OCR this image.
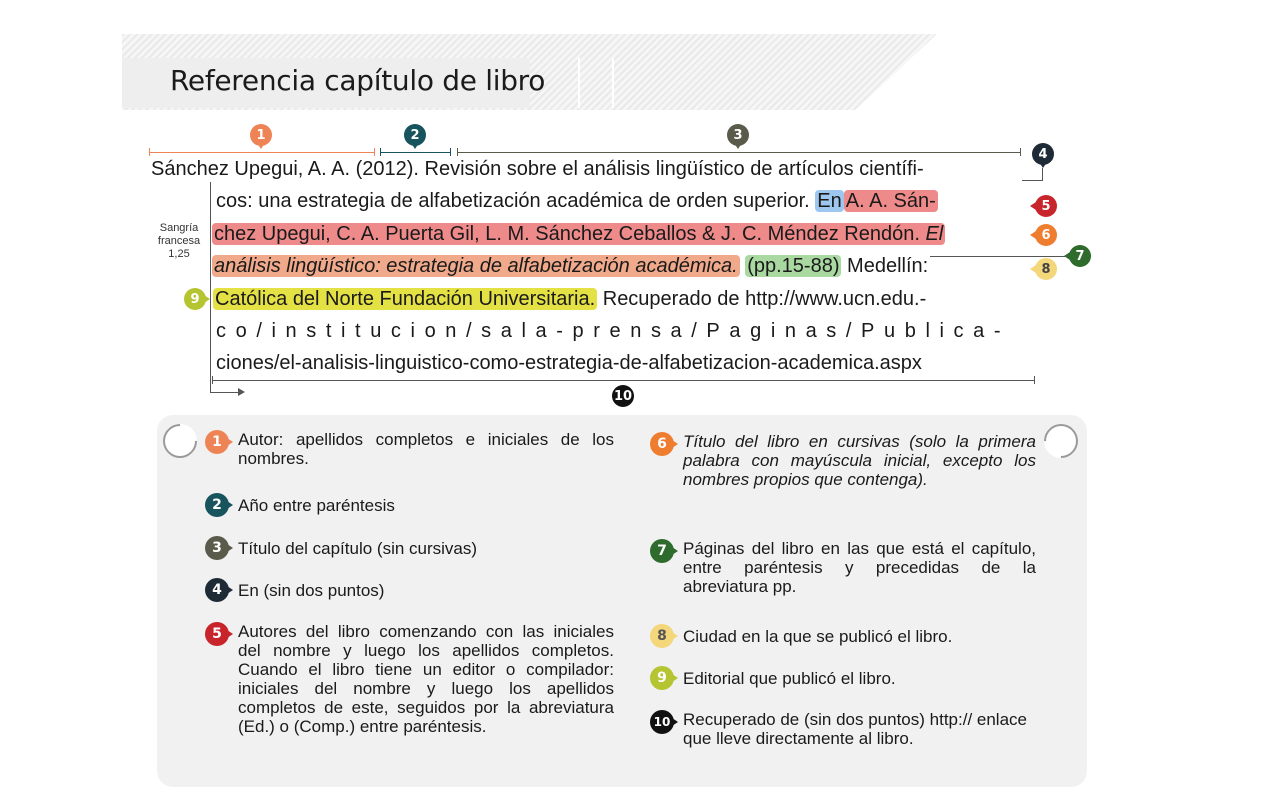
Referencia capítulo de libro
1	2	3
4
Sangría francesa 1,25
Sánchez Upegui, A. A. (2012). Revisión sobre el análisis lingüístico de artículos científi-
cos: una estrategia de alfabetización académica de orden superior. En A. A. Sán-
chez Upegui, C. A. Puerta Gil, L. M. Sánchez Ceballos & J. C. Méndez Rendón. El
análisis lingüístico: estrategia de alfabetización académica. (pp.15-88) Medellín:
Católica del Norte Fundación Universitaria. Recuperado de http://www.ucn.edu.-
co/institucion/sala-prensa/Paginas/Publica-
ciones/el-analisis-linguistico-como-estrategia-de-alfabetizacion-academica.aspx
5
6
7
8
9
10
1 Autor: apellidos completos e iniciales de los nombres.
2 Año entre paréntesis
3 Título del capítulo (sin cursivas)
4 En (sin dos puntos)
5 Autores del libro comenzando con las iniciales del nombre y luego los apellidos completos. Cuando el libro tiene un editor o compilador: iniciales del nombre y luego los apellidos completos de este, seguidos por la abreviatura (Ed.) o (Comp.) entre paréntesis.
6 Título del libro en cursivas (solo la primera palabra con mayúscula inicial, excepto los nombres propios que contenga).
7 Páginas del libro en las que está el capítulo, entre paréntesis y precedidas de la abreviatura pp.
8 Ciudad en la que se publicó el libro.
9 Editorial que publicó el libro.
10 Recuperado de (sin dos puntos) http:// enlace que lleve directamente al libro.
